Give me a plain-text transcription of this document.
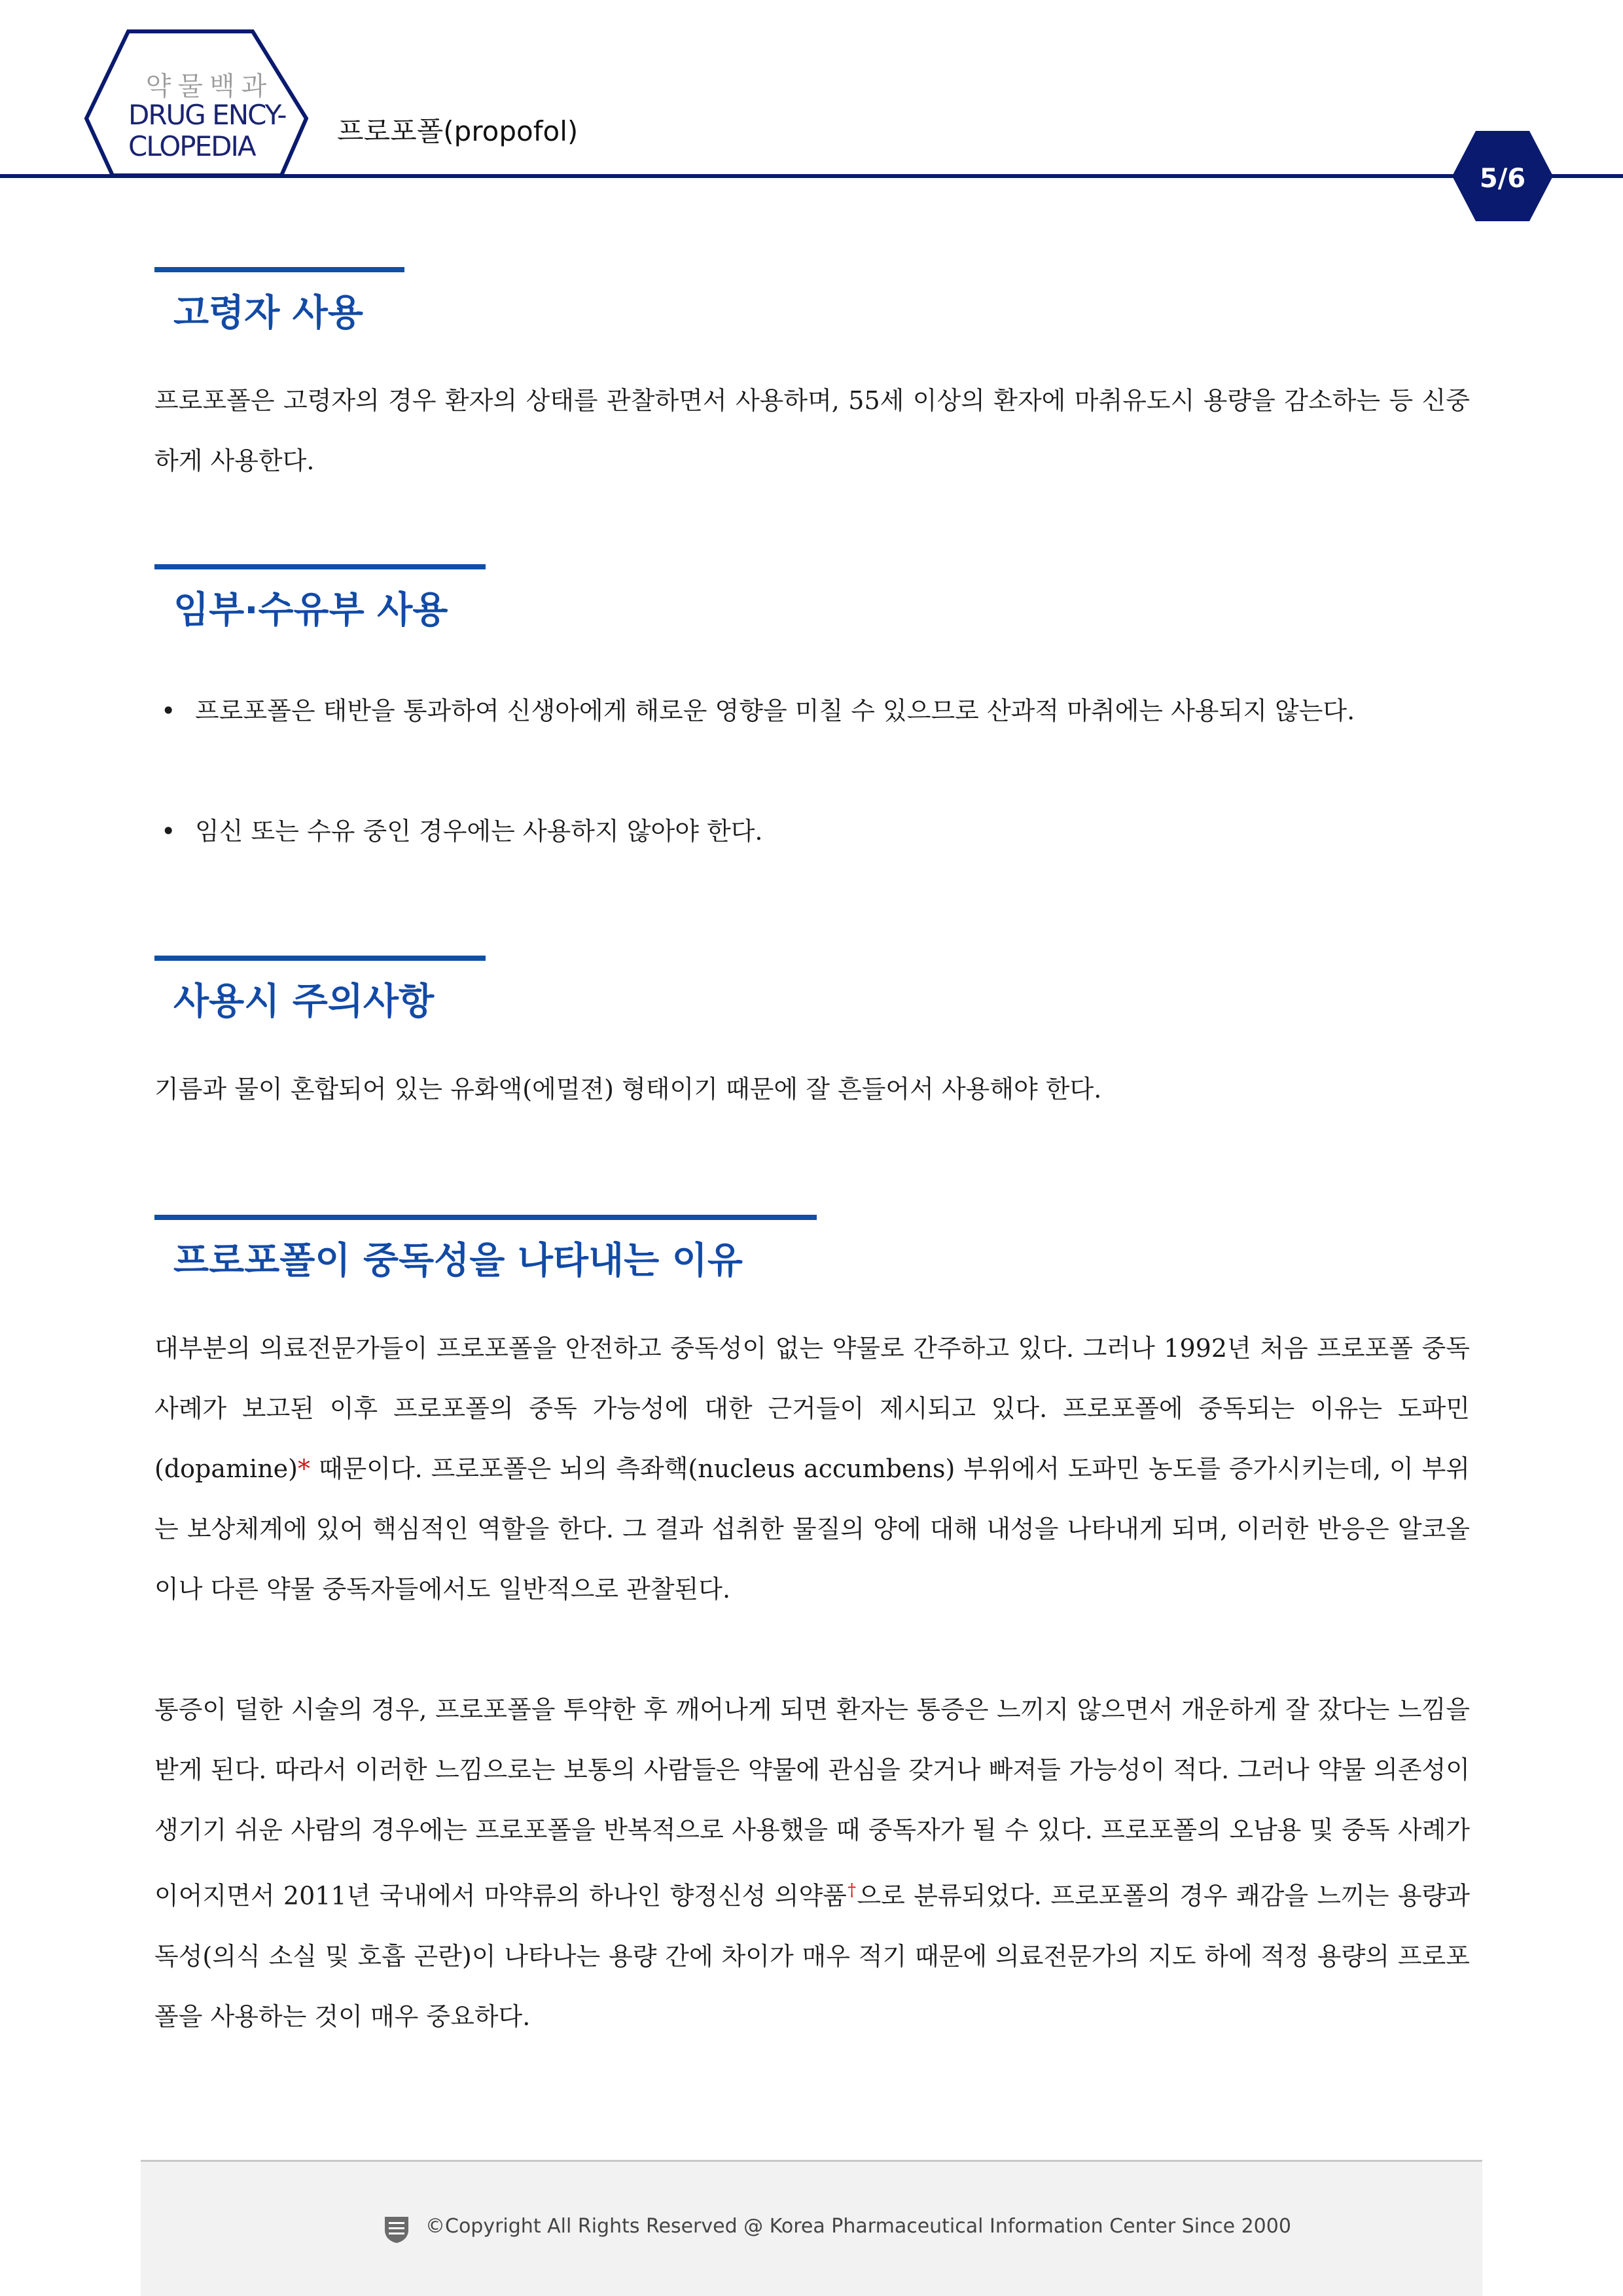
약물백과
DRUG ENCY-
CLOPEDIA	프로포폴(propofol)
5/6
고령자 사용
프로포폴은 고령자의 경우 환자의 상태를 관찰하면서 사용하며, 55세 이상의 환자에 마취유도시 용량을 감소하는 등 신중하게 사용한다.
임부·수유부 사용
• 프로포폴은 태반을 통과하여 신생아에게 해로운 영향을 미칠 수 있으므로 산과적 마취에는 사용되지 않는다.
• 임신 또는 수유 중인 경우에는 사용하지 않아야 한다.
사용시 주의사항
기름과 물이 혼합되어 있는 유화액(에멀젼) 형태이기 때문에 잘 흔들어서 사용해야 한다.
프로포폴이 중독성을 나타내는 이유
대부분의 의료전문가들이 프로포폴을 안전하고 중독성이 없는 약물로 간주하고 있다. 그러나 1992년 처음 프로포폴 중독 사례가 보고된 이후 프로포폴의 중독 가능성에 대한 근거들이 제시되고 있다. 프로포폴에 중독되는 이유는 도파민(dopamine)* 때문이다. 프로포폴은 뇌의 측좌핵(nucleus accumbens) 부위에서 도파민 농도를 증가시키는데, 이 부위는 보상체계에 있어 핵심적인 역할을 한다. 그 결과 섭취한 물질의 양에 대해 내성을 나타내게 되며, 이러한 반응은 알코올이나 다른 약물 중독자들에서도 일반적으로 관찰된다.
통증이 덜한 시술의 경우, 프로포폴을 투약한 후 깨어나게 되면 환자는 통증은 느끼지 않으면서 개운하게 잘 잤다는 느낌을 받게 된다. 따라서 이러한 느낌으로는 보통의 사람들은 약물에 관심을 갖거나 빠져들 가능성이 적다. 그러나 약물 의존성이 생기기 쉬운 사람의 경우에는 프로포폴을 반복적으로 사용했을 때 중독자가 될 수 있다. 프로포폴의 오남용 및 중독 사례가 이어지면서 2011년 국내에서 마약류의 하나인 향정신성 의약품†으로 분류되었다. 프로포폴의 경우 쾌감을 느끼는 용량과 독성(의식 소실 및 호흡 곤란)이 나타나는 용량 간에 차이가 매우 적기 때문에 의료전문가의 지도 하에 적정 용량의 프로포폴을 사용하는 것이 매우 중요하다.
©Copyright All Rights Reserved @ Korea Pharmaceutical Information Center Since 2000
